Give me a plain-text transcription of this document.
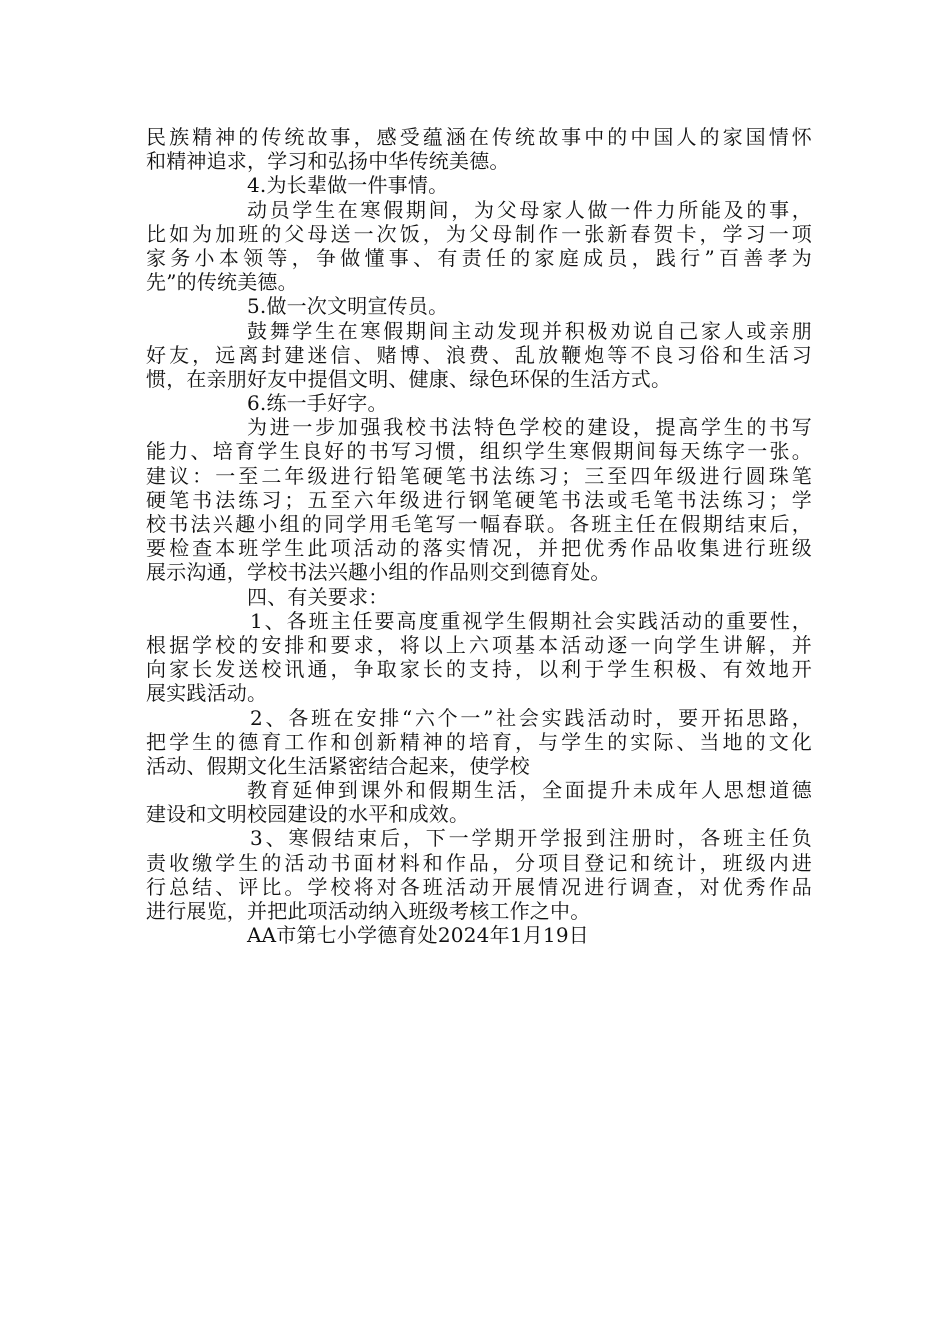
民族精神的传统故事，感受蕴涵在传统故事中的中国人的家国情怀
和精神追求，学习和弘扬中华传统美德。
4.为长辈做一件事情。
动员学生在寒假期间，为父母家人做一件力所能及的事，
比如为加班的父母送一次饭，为父母制作一张新春贺卡，学习一项
家务小本领等，争做懂事、有责任的家庭成员，践行”百善孝为
先”的传统美德。
5.做一次文明宣传员。
鼓舞学生在寒假期间主动发现并积极劝说自己家人或亲朋
好友，远离封建迷信、赌博、浪费、乱放鞭炮等不良习俗和生活习
惯，在亲朋好友中提倡文明、健康、绿色环保的生活方式。
6.练一手好字。
为进一步加强我校书法特色学校的建设，提高学生的书写
能力、培育学生良好的书写习惯，组织学生寒假期间每天练字一张。
建议：一至二年级进行铅笔硬笔书法练习；三至四年级进行圆珠笔
硬笔书法练习；五至六年级进行钢笔硬笔书法或毛笔书法练习；学
校书法兴趣小组的同学用毛笔写一幅春联。各班主任在假期结束后，
要检查本班学生此项活动的落实情况，并把优秀作品收集进行班级
展示沟通，学校书法兴趣小组的作品则交到德育处。
四、有关要求：
1、各班主任要高度重视学生假期社会实践活动的重要性，
根据学校的安排和要求，将以上六项基本活动逐一向学生讲解，并
向家长发送校讯通，争取家长的支持，以利于学生积极、有效地开
展实践活动。
2、各班在安排“六个一”社会实践活动时，要开拓思路，
把学生的德育工作和创新精神的培育，与学生的实际、当地的文化
活动、假期文化生活紧密结合起来，使学校
教育延伸到课外和假期生活，全面提升未成年人思想道德
建设和文明校园建设的水平和成效。
3、寒假结束后，下一学期开学报到注册时，各班主任负
责收缴学生的活动书面材料和作品，分项目登记和统计，班级内进
行总结、评比。学校将对各班活动开展情况进行调查，对优秀作品
进行展览，并把此项活动纳入班级考核工作之中。
AA市第七小学德育处2024年1月19日
